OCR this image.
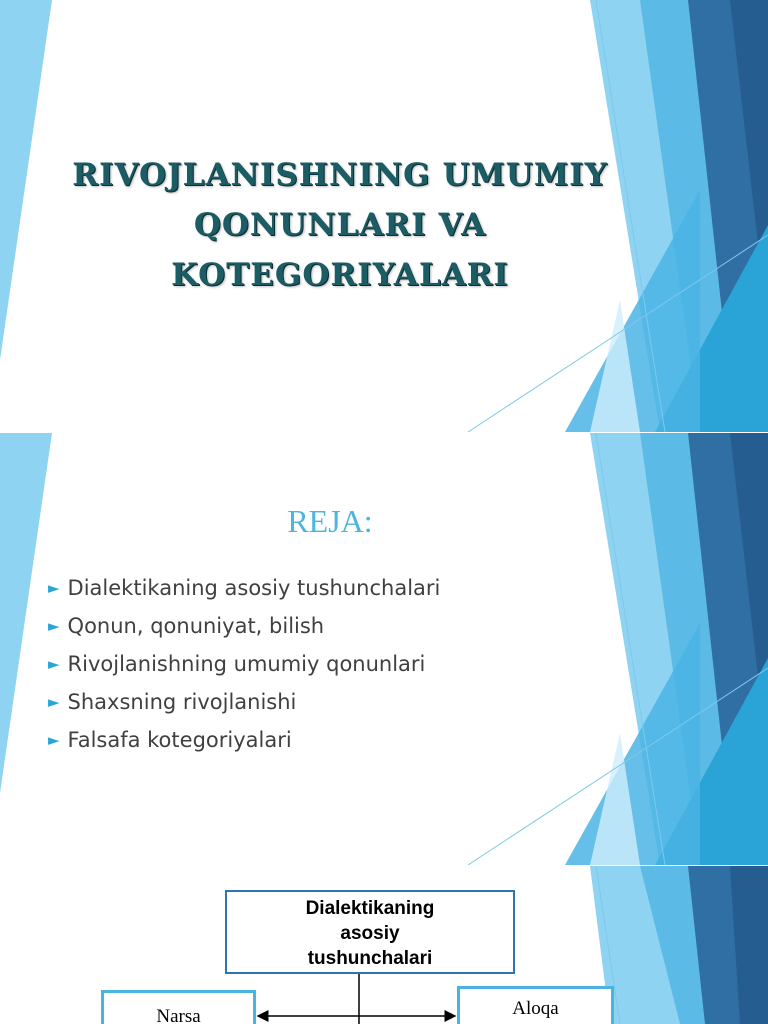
RIVOJLANISHNING UMUMIY
QONUNLARI VA KOTEGORIYALARI
REJA:
► Dialektikaning asosiy tushunchalari
► Qonun, qonuniyat, bilish
► Rivojlanishning umumiy qonunlari
► Shaxsning rivojlanishi
► Falsafa kotegoriyalari
Dialektikaning
asosiy
tushunchalari
Narsa	Aloqa
